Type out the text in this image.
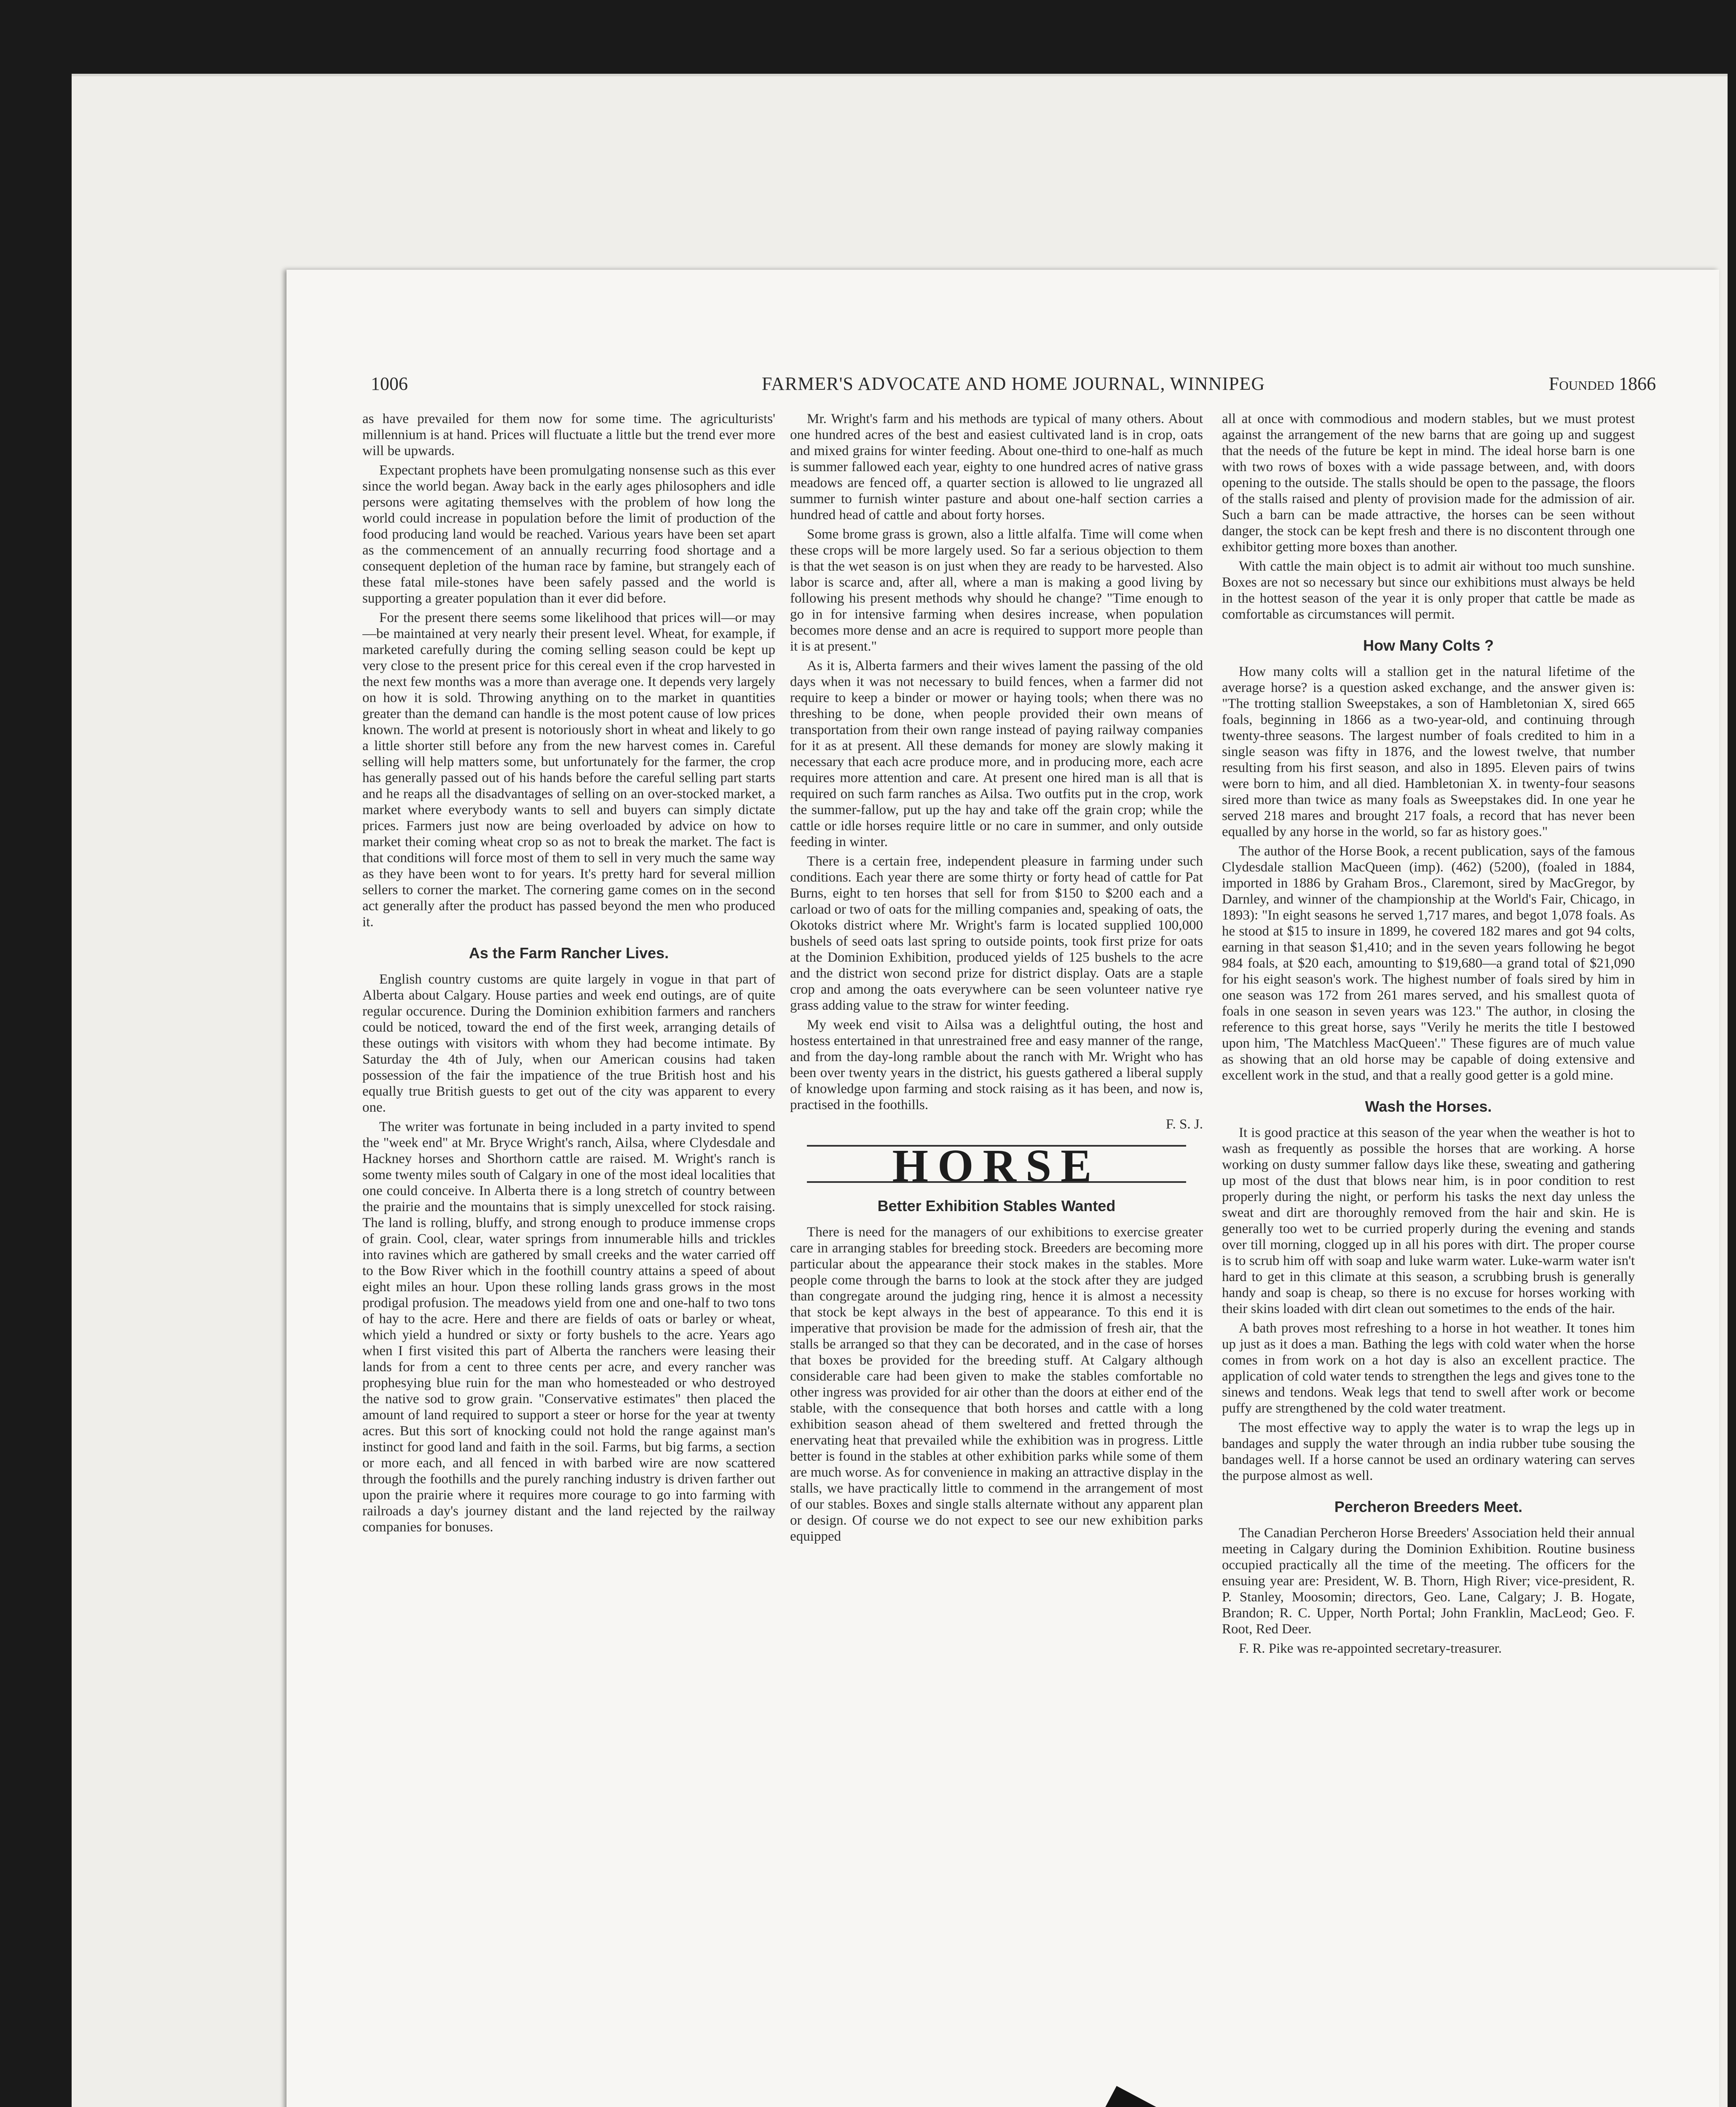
1006	FARMER'S ADVOCATE AND HOME JOURNAL, WINNIPEG	Founded 1866

as have prevailed for them now for some time. The agriculturists' millennium is at hand. Prices will fluctuate a little but the trend ever more will be upwards.

Expectant prophets have been promulgating nonsense such as this ever since the world began. Away back in the early ages philosophers and idle persons were agitating themselves with the problem of how long the world could increase in population before the limit of production of the food producing land would be reached. Various years have been set apart as the commencement of an annually recurring food shortage and a consequent depletion of the human race by famine, but strangely each of these fatal mile-stones have been safely passed and the world is supporting a greater population than it ever did before.

For the present there seems some likelihood that prices will—or may—be maintained at very nearly their present level. Wheat, for example, if marketed carefully during the coming selling season could be kept up very close to the present price for this cereal even if the crop harvested in the next few months was a more than average one. It depends very largely on how it is sold. Throwing anything on to the market in quantities greater than the demand can handle is the most potent cause of low prices known. The world at present is notoriously short in wheat and likely to go a little shorter still before any from the new harvest comes in. Careful selling will help matters some, but unfortunately for the farmer, the crop has generally passed out of his hands before the careful selling part starts and he reaps all the disadvantages of selling on an over-stocked market, a market where everybody wants to sell and buyers can simply dictate prices. Farmers just now are being overloaded by advice on how to market their coming wheat crop so as not to break the market. The fact is that conditions will force most of them to sell in very much the same way as they have been wont to for years. It's pretty hard for several million sellers to corner the market. The cornering game comes on in the second act generally after the product has passed beyond the men who produced it.

As the Farm Rancher Lives.

English country customs are quite largely in vogue in that part of Alberta about Calgary. House parties and week end outings, are of quite regular occurence. During the Dominion exhibition farmers and ranchers could be noticed, toward the end of the first week, arranging details of these outings with visitors with whom they had become intimate. By Saturday the 4th of July, when our American cousins had taken possession of the fair the impatience of the true British host and his equally true British guests to get out of the city was apparent to every one.

The writer was fortunate in being included in a party invited to spend the "week end" at Mr. Bryce Wright's ranch, Ailsa, where Clydesdale and Hackney horses and Shorthorn cattle are raised. M. Wright's ranch is some twenty miles south of Calgary in one of the most ideal localities that one could conceive. In Alberta there is a long stretch of country between the prairie and the mountains that is simply unexcelled for stock raising. The land is rolling, bluffy, and strong enough to produce immense crops of grain. Cool, clear, water springs from innumerable hills and trickles into ravines which are gathered by small creeks and the water carried off to the Bow River which in the foothill country attains a speed of about eight miles an hour. Upon these rolling lands grass grows in the most prodigal profusion. The meadows yield from one and one-half to two tons of hay to the acre. Here and there are fields of oats or barley or wheat, which yield a hundred or sixty or forty bushels to the acre. Years ago when I first visited this part of Alberta the ranchers were leasing their lands for from a cent to three cents per acre, and every rancher was prophesying blue ruin for the man who homesteaded or who destroyed the native sod to grow grain. "Conservative estimates" then placed the amount of land required to support a steer or horse for the year at twenty acres. But this sort of knocking could not hold the range against man's instinct for good land and faith in the soil. Farms, but big farms, a section or more each, and all fenced in with barbed wire are now scattered through the foothills and the purely ranching industry is driven farther out upon the prairie where it requires more courage to go into farming with railroads a day's journey distant and the land rejected by the railway companies for bonuses.

Mr. Wright's farm and his methods are typical of many others. About one hundred acres of the best and easiest cultivated land is in crop, oats and mixed grains for winter feeding. About one-third to one-half as much is summer fallowed each year, eighty to one hundred acres of native grass meadows are fenced off, a quarter section is allowed to lie ungrazed all summer to furnish winter pasture and about one-half section carries a hundred head of cattle and about forty horses.

Some brome grass is grown, also a little alfalfa. Time will come when these crops will be more largely used. So far a serious objection to them is that the wet season is on just when they are ready to be harvested. Also labor is scarce and, after all, where a man is making a good living by following his present methods why should he change? "Time enough to go in for intensive farming when desires increase, when population becomes more dense and an acre is required to support more people than it is at present."

As it is, Alberta farmers and their wives lament the passing of the old days when it was not necessary to build fences, when a farmer did not require to keep a binder or mower or haying tools; when there was no threshing to be done, when people provided their own means of transportation from their own range instead of paying railway companies for it as at present. All these demands for money are slowly making it necessary that each acre produce more, and in producing more, each acre requires more attention and care. At present one hired man is all that is required on such farm ranches as Ailsa. Two outfits put in the crop, work the summer-fallow, put up the hay and take off the grain crop; while the cattle or idle horses require little or no care in summer, and only outside feeding in winter.

There is a certain free, independent pleasure in farming under such conditions. Each year there are some thirty or forty head of cattle for Pat Burns, eight to ten horses that sell for from $150 to $200 each and a carload or two of oats for the milling companies and, speaking of oats, the Okotoks district where Mr. Wright's farm is located supplied 100,000 bushels of seed oats last spring to outside points, took first prize for oats at the Dominion Exhibition, produced yields of 125 bushels to the acre and the district won second prize for district display. Oats are a staple crop and among the oats everywhere can be seen volunteer native rye grass adding value to the straw for winter feeding.

My week end visit to Ailsa was a delightful outing, the host and hostess entertained in that unrestrained free and easy manner of the range, and from the day-long ramble about the ranch with Mr. Wright who has been over twenty years in the district, his guests gathered a liberal supply of knowledge upon farming and stock raising as it has been, and now is, practised in the foothills.

F. S. J.
HORSE
Better Exhibition Stables Wanted

There is need for the managers of our exhibitions to exercise greater care in arranging stables for breeding stock. Breeders are becoming more particular about the appearance their stock makes in the stables. More people come through the barns to look at the stock after they are judged than congregate around the judging ring, hence it is almost a necessity that stock be kept always in the best of appearance. To this end it is imperative that provision be made for the admission of fresh air, that the stalls be arranged so that they can be decorated, and in the case of horses that boxes be provided for the breeding stuff. At Calgary although considerable care had been given to make the stables comfortable no other ingress was provided for air other than the doors at either end of the stable, with the consequence that both horses and cattle with a long exhibition season ahead of them sweltered and fretted through the enervating heat that prevailed while the exhibition was in progress. Little better is found in the stables at other exhibition parks while some of them are much worse. As for convenience in making an attractive display in the stalls, we have practically little to commend in the arrangement of most of our stables. Boxes and single stalls alternate without any apparent plan or design. Of course we do not expect to see our new exhibition parks equipped

all at once with commodious and modern stables, but we must protest against the arrangement of the new barns that are going up and suggest that the needs of the future be kept in mind. The ideal horse barn is one with two rows of boxes with a wide passage between, and, with doors opening to the outside. The stalls should be open to the passage, the floors of the stalls raised and plenty of provision made for the admission of air. Such a barn can be made attractive, the horses can be seen without danger, the stock can be kept fresh and there is no discontent through one exhibitor getting more boxes than another.

With cattle the main object is to admit air without too much sunshine. Boxes are not so necessary but since our exhibitions must always be held in the hottest season of the year it is only proper that cattle be made as comfortable as circumstances will permit.

How Many Colts ?

How many colts will a stallion get in the natural lifetime of the average horse? is a question asked exchange, and the answer given is: "The trotting stallion Sweepstakes, a son of Hambletonian X, sired 665 foals, beginning in 1866 as a two-year-old, and continuing through twenty-three seasons. The largest number of foals credited to him in a single season was fifty in 1876, and the lowest twelve, that number resulting from his first season, and also in 1895. Eleven pairs of twins were born to him, and all died. Hambletonian X. in twenty-four seasons sired more than twice as many foals as Sweepstakes did. In one year he served 218 mares and brought 217 foals, a record that has never been equalled by any horse in the world, so far as history goes."

The author of the Horse Book, a recent publication, says of the famous Clydesdale stallion MacQueen (imp). (462) (5200), (foaled in 1884, imported in 1886 by Graham Bros., Claremont, sired by MacGregor, by Darnley, and winner of the championship at the World's Fair, Chicago, in 1893): "In eight seasons he served 1,717 mares, and begot 1,078 foals. As he stood at $15 to insure in 1899, he covered 182 mares and got 94 colts, earning in that season $1,410; and in the seven years following he begot 984 foals, at $20 each, amounting to $19,680—a grand total of $21,090 for his eight season's work. The highest number of foals sired by him in one season was 172 from 261 mares served, and his smallest quota of foals in one season in seven years was 123." The author, in closing the reference to this great horse, says "Verily he merits the title I bestowed upon him, 'The Matchless MacQueen'." These figures are of much value as showing that an old horse may be capable of doing extensive and excellent work in the stud, and that a really good getter is a gold mine.

Wash the Horses.

It is good practice at this season of the year when the weather is hot to wash as frequently as possible the horses that are working. A horse working on dusty summer fallow days like these, sweating and gathering up most of the dust that blows near him, is in poor condition to rest properly during the night, or perform his tasks the next day unless the sweat and dirt are thoroughly removed from the hair and skin. He is generally too wet to be curried properly during the evening and stands over till morning, clogged up in all his pores with dirt. The proper course is to scrub him off with soap and luke warm water. Luke-warm water isn't hard to get in this climate at this season, a scrubbing brush is generally handy and soap is cheap, so there is no excuse for horses working with their skins loaded with dirt clean out sometimes to the ends of the hair.

A bath proves most refreshing to a horse in hot weather. It tones him up just as it does a man. Bathing the legs with cold water when the horse comes in from work on a hot day is also an excellent practice. The application of cold water tends to strengthen the legs and gives tone to the sinews and tendons. Weak legs that tend to swell after work or become puffy are strengthened by the cold water treatment.

The most effective way to apply the water is to wrap the legs up in bandages and supply the water through an india rubber tube sousing the bandages well. If a horse cannot be used an ordinary watering can serves the purpose almost as well.

Percheron Breeders Meet.

The Canadian Percheron Horse Breeders' Association held their annual meeting in Calgary during the Dominion Exhibition. Routine business occupied practically all the time of the meeting. The officers for the ensuing year are: President, W. B. Thorn, High River; vice-president, R. P. Stanley, Moosomin; directors, Geo. Lane, Calgary; J. B. Hogate, Brandon; R. C. Upper, North Portal; John Franklin, MacLeod; Geo. F. Root, Red Deer.

F. R. Pike was re-appointed secretary-treasurer.
